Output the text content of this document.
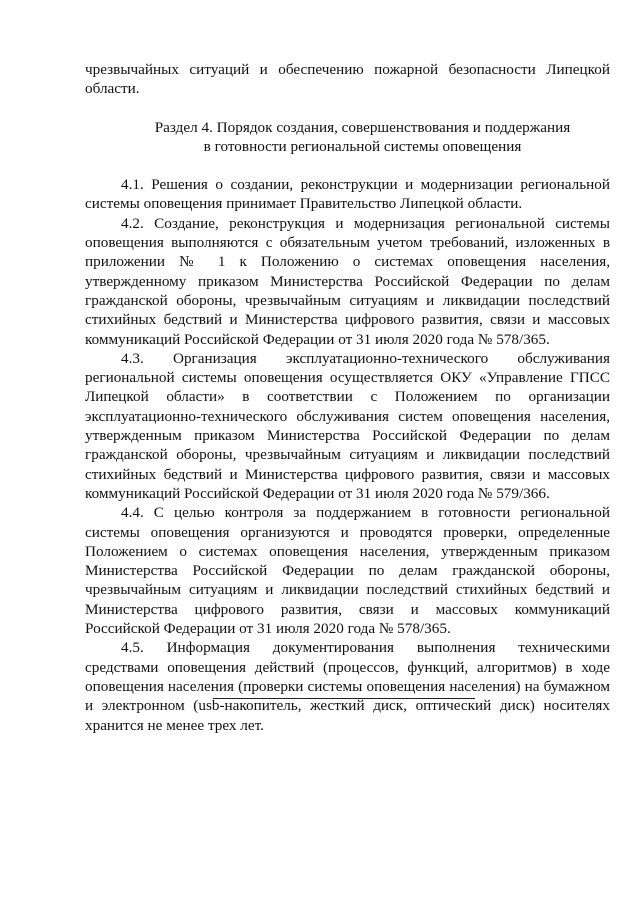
чрезвычайных ситуаций и обеспечению пожарной безопасности Липецкой области.

Раздел 4. Порядок создания, совершенствования и поддержания
в готовности региональной системы оповещения

4.1. Решения о создании, реконструкции и модернизации региональной системы оповещения принимает Правительство Липецкой области.

4.2. Создание, реконструкция и модернизация региональной системы оповещения выполняются с обязательным учетом требований, изложенных в приложении № 1 к Положению о системах оповещения населения, утвержденному приказом Министерства Российской Федерации по делам гражданской обороны, чрезвычайным ситуациям и ликвидации последствий стихийных бедствий и Министерства цифрового развития, связи и массовых коммуникаций Российской Федерации от 31 июля 2020 года № 578/365.

4.3. Организация эксплуатационно-технического обслуживания региональной системы оповещения осуществляется ОКУ «Управление ГПСС Липецкой области» в соответствии с Положением по организации эксплуатационно-технического обслуживания систем оповещения населения, утвержденным приказом Министерства Российской Федерации по делам гражданской обороны, чрезвычайным ситуациям и ликвидации последствий стихийных бедствий и Министерства цифрового развития, связи и массовых коммуникаций Российской Федерации от 31 июля 2020 года № 579/366.

4.4. С целью контроля за поддержанием в готовности региональной системы оповещения организуются и проводятся проверки, определенные Положением о системах оповещения населения, утвержденным приказом Министерства Российской Федерации по делам гражданской обороны, чрезвычайным ситуациям и ликвидации последствий стихийных бедствий и Министерства цифрового развития, связи и массовых коммуникаций Российской Федерации от 31 июля 2020 года № 578/365.

4.5. Информация документирования выполнения техническими средствами оповещения действий (процессов, функций, алгоритмов) в ходе оповещения населения (проверки системы оповещения населения) на бумажном и электронном (usb-накопитель, жесткий диск, оптический диск) носителях хранится не менее трех лет.
